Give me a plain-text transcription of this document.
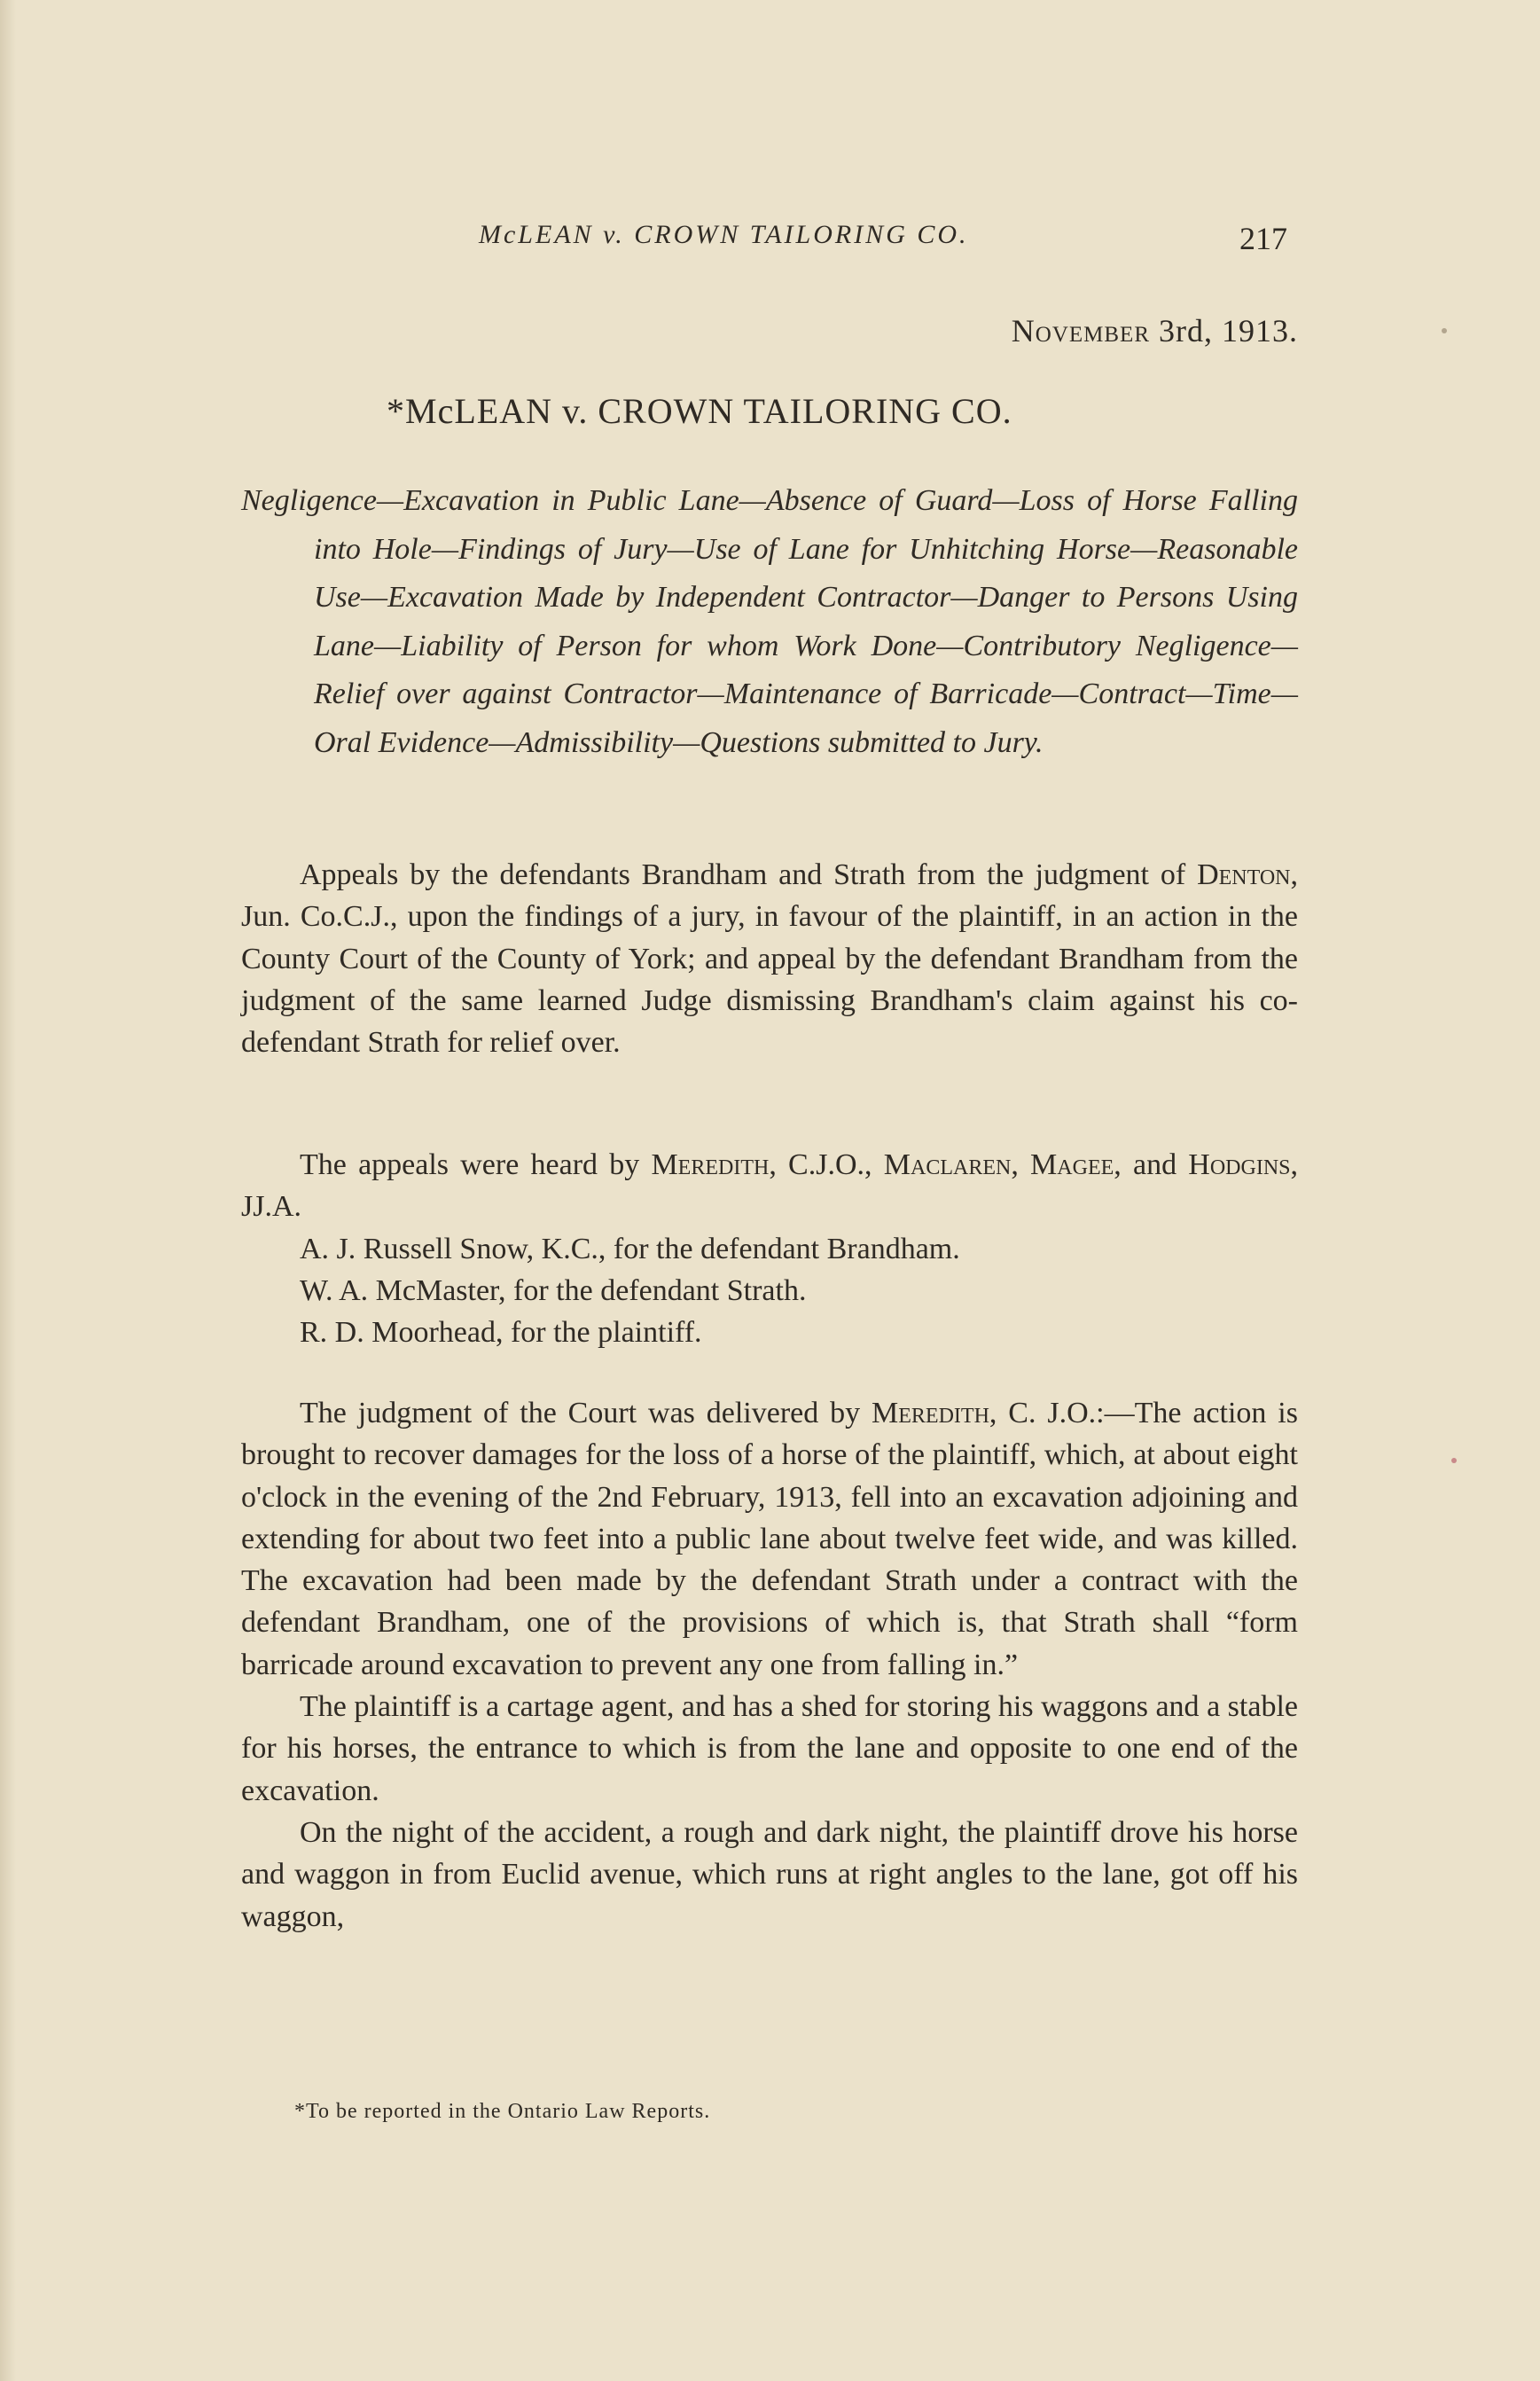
McLEAN v. CROWN TAILORING CO.	217
November 3rd, 1913.
*McLEAN v. CROWN TAILORING CO.
Negligence—Excavation in Public Lane—Absence of Guard—Loss of Horse Falling into Hole—Findings of Jury—Use of Lane for Unhitching Horse—Reasonable Use—Excavation Made by Independent Contractor—Danger to Persons Using Lane—Liability of Person for whom Work Done—Contributory Negligence—Relief over against Contractor—Maintenance of Barricade—Contract—Time—Oral Evidence—Admissibility—Questions submitted to Jury.

Appeals by the defendants Brandham and Strath from the judgment of Denton, Jun. Co.C.J., upon the findings of a jury, in favour of the plaintiff, in an action in the County Court of the County of York; and appeal by the defendant Brandham from the judgment of the same learned Judge dismissing Brandham's claim against his co-defendant Strath for relief over.

The appeals were heard by Meredith, C.J.O., Maclaren, Magee, and Hodgins, JJ.A.

A. J. Russell Snow, K.C., for the defendant Brandham.

W. A. McMaster, for the defendant Strath.

R. D. Moorhead, for the plaintiff.

The judgment of the Court was delivered by Meredith, C. J.O.:—The action is brought to recover damages for the loss of a horse of the plaintiff, which, at about eight o'clock in the evening of the 2nd February, 1913, fell into an excavation adjoining and extending for about two feet into a public lane about twelve feet wide, and was killed. The excavation had been made by the defendant Strath under a contract with the defendant Brandham, one of the provisions of which is, that Strath shall “form barricade around excavation to prevent any one from falling in.”

The plaintiff is a cartage agent, and has a shed for storing his waggons and a stable for his horses, the entrance to which is from the lane and opposite to one end of the excavation.

On the night of the accident, a rough and dark night, the plaintiff drove his horse and waggon in from Euclid avenue, which runs at right angles to the lane, got off his waggon,

*To be reported in the Ontario Law Reports.
